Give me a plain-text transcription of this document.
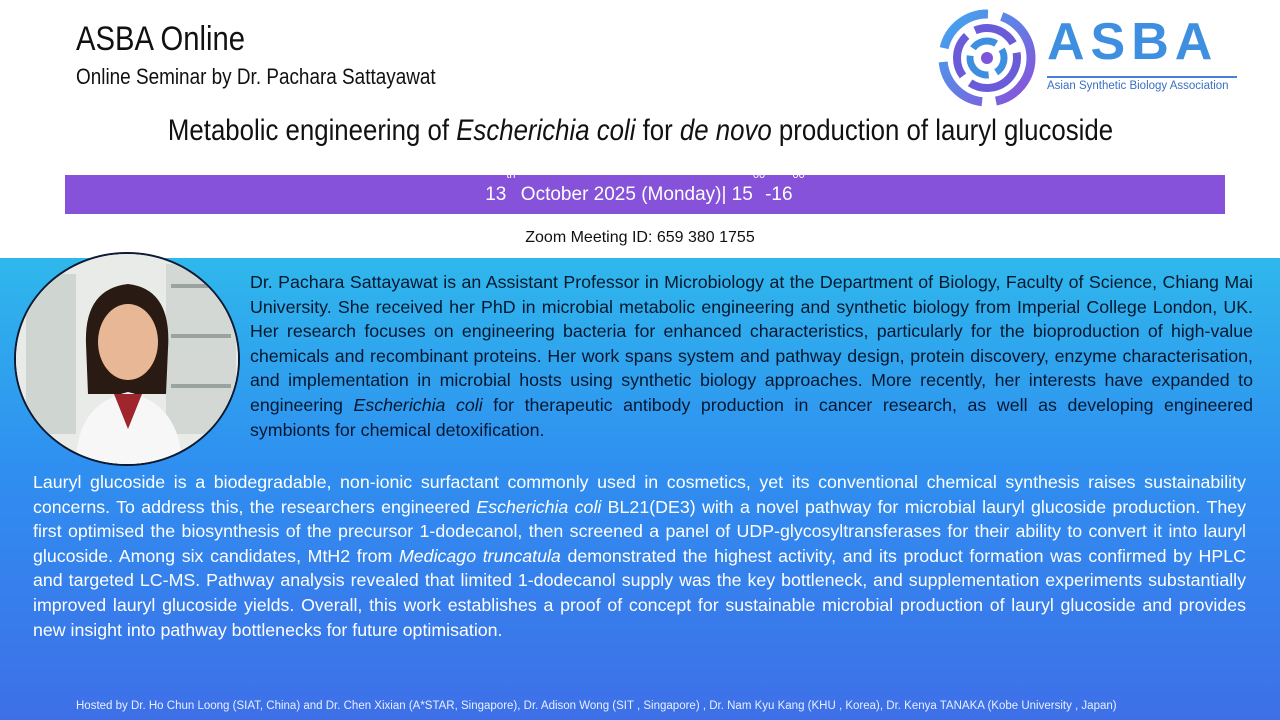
ASBA Online
Online Seminar by Dr. Pachara Sattayawat
ASBA
Asian Synthetic Biology Association
Metabolic engineering of Escherichia coli for de novo production of lauryl glucoside
13th October 2025 (Monday)| $15^{00}-16^{00}$
Zoom Meeting ID: 659 380 1755
Dr. Pachara Sattayawat is an Assistant Professor in Microbiology at the Department of Biology, Faculty of Science, Chiang Mai University. She received her PhD in microbial metabolic engineering and synthetic biology from Imperial College London, UK. Her research focuses on engineering bacteria for enhanced characteristics, particularly for the bioproduction of high-value chemicals and recombinant proteins. Her work spans system and pathway design, protein discovery, enzyme characterisation, and implementation in microbial hosts using synthetic biology approaches. More recently, her interests have expanded to engineering Escherichia coli for therapeutic antibody production in cancer research, as well as developing engineered symbionts for chemical detoxification.
Lauryl glucoside is a biodegradable, non-ionic surfactant commonly used in cosmetics, yet its conventional chemical synthesis raises sustainability concerns. To address this, the researchers engineered Escherichia coli BL21(DE3) with a novel pathway for microbial lauryl glucoside production. They first optimised the biosynthesis of the precursor 1-dodecanol, then screened a panel of UDP-glycosyltransferases for their ability to convert it into lauryl glucoside. Among six candidates, MtH2 from Medicago truncatula demonstrated the highest activity, and its product formation was confirmed by HPLC and targeted LC-MS. Pathway analysis revealed that limited 1-dodecanol supply was the key bottleneck, and supplementation experiments substantially improved lauryl glucoside yields. Overall, this work establishes a proof of concept for sustainable microbial production of lauryl glucoside and provides new insight into pathway bottlenecks for future optimisation.
Hosted by Dr. Ho Chun Loong (SIAT, China) and Dr. Chen Xixian (A*STAR, Singapore), Dr. Adison Wong (SIT , Singapore) , Dr. Nam Kyu Kang (KHU , Korea), Dr. Kenya TANAKA (Kobe University , Japan)
